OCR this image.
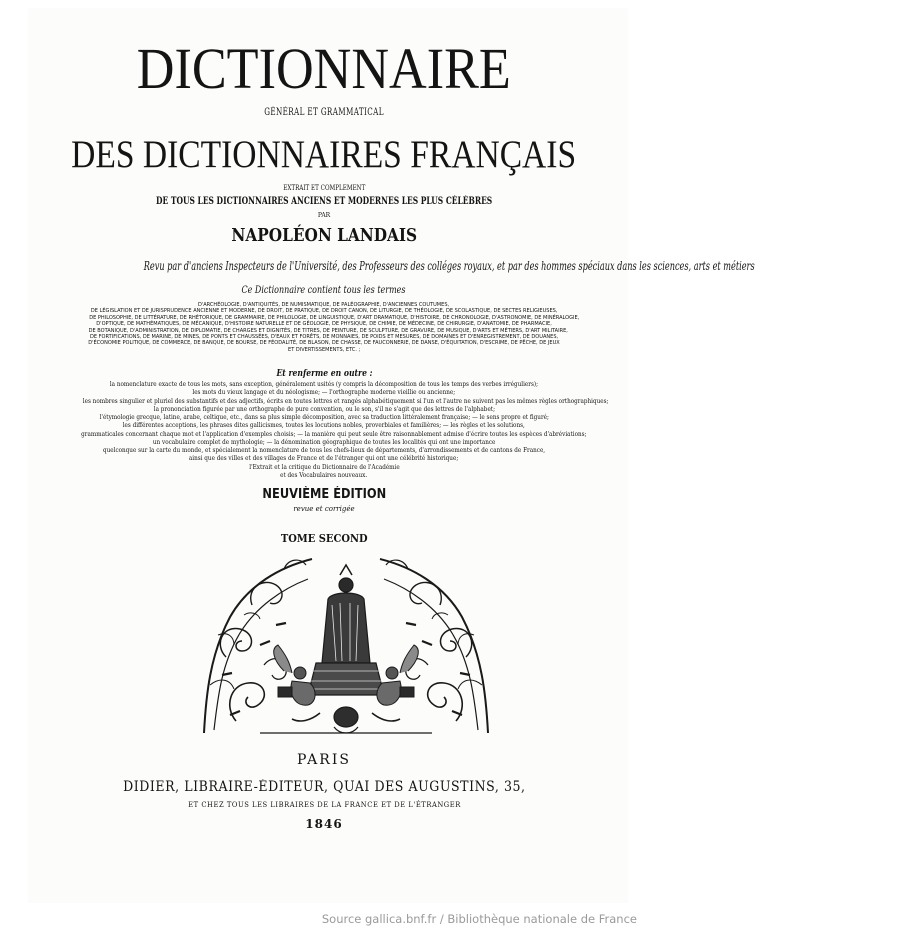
DICTIONNAIRE
GÉNÉRAL ET GRAMMATICAL
DES DICTIONNAIRES FRANÇAIS
EXTRAIT ET COMPLEMENT
DE TOUS LES DICTIONNAIRES ANCIENS ET MODERNES LES PLUS CÉLÈBRES
PAR
NAPOLÉON LANDAIS
Revu par d'anciens Inspecteurs de l'Université, des Professeurs des colléges royaux, et par des hommes spéciaux dans les sciences, arts et métiers
Ce Dictionnaire contient tous les termes
D'ARCHÉOLOGIE, D'ANTIQUITÉS, DE NUMISMATIQUE, DE PALÉOGRAPHIE, D'ANCIENNES COUTUMES,
DE LÉGISLATION ET DE JURISPRUDENCE ANCIENNE ET MODERNE, DE DROIT, DE PRATIQUE, DE DROIT CANON, DE LITURGIE, DE THÉOLOGIE, DE SCOLASTIQUE, DE SECTES RELIGIEUSES,
DE PHILOSOPHIE, DE LITTÉRATURE, DE RHÉTORIQUE, DE GRAMMAIRE, DE PHILOLOGIE, DE LINGUISTIQUE, D'ART DRAMATIQUE, D'HISTOIRE, DE CHRONOLOGIE, D'ASTRONOMIE, DE MINÉRALOGIE,
D'OPTIQUE, DE MATHÉMATIQUES, DE MÉCANIQUE, D'HISTOIRE NATURELLE ET DE GÉOLOGIE, DE PHYSIQUE, DE CHIMIE, DE MÉDECINE, DE CHIRURGIE, D'ANATOMIE, DE PHARMACIE,
DE BOTANIQUE, D'ADMINISTRATION, DE DIPLOMATIE, DE CHARGES ET DIGNITÉS, DE TITRES, DE PEINTURE, DE SCULPTURE, DE GRAVURE, DE MUSIQUE, D'ARTS ET MÉTIERS, D'ART MILITAIRE,
DE FORTIFICATIONS, DE MARINE, DE MINES, DE PONTS ET CHAUSSÉES, D'EAUX ET FORÊTS, DE MONNAIES, DE POIDS ET MESURES, DE DOMAINES ET D'ENREGISTREMENT, DE DOUANES,
D'ÉCONOMIE POLITIQUE, DE COMMERCE, DE BANQUE, DE BOURSE, DE FÉODALITÉ, DE BLASON, DE CHASSE, DE FAUCONNERIE, DE DANSE, D'ÉQUITATION, D'ESCRIME, DE PÊCHE, DE JEUX
ET DIVERTISSEMENTS, ETC. ;
Et renferme en outre :
la nomenclature exacte de tous les mots, sans exception, généralement usités (y compris la décomposition de tous les temps des verbes irréguliers);
les mots du vieux langage et du néologisme; — l'orthographe moderne vieillie ou ancienne;
les nombres singulier et pluriel des substantifs et des adjectifs, écrits en toutes lettres et rangés alphabétiquement si l'un et l'autre ne suivent pas les mêmes règles orthographiques;
la prononciation figurée par une orthographe de pure convention, ou le son, s'il ne s'agit que des lettres de l'alphabet;
l'étymologie grecque, latine, arabe, celtique, etc., dans sa plus simple décomposition, avec sa traduction littéralement française; — le sens propre et figuré;
les différentes acceptions, les phrases dites gallicismes, toutes les locutions nobles, proverbiales et familières; — les règles et les solutions,
grammaticales concernant chaque mot et l'application d'exemples choisis; — la manière qui peut seule être raisonnablement admise d'écrire toutes les espèces d'abréviations;
un vocabulaire complet de mythologie; — la dénomination géographique de toutes les localités qui ont une importance
quelconque sur la carte du monde, et spécialement la nomenclature de tous les chefs-lieux de départements, d'arrondissements et de cantons de France,
ainsi que des villes et des villages de France et de l'étranger qui ont une célébrité historique;
l'Extrait et la critique du Dictionnaire de l'Académie
et des Vocabulaires nouveaux.
NEUVIÈME ÉDITION
revue et corrigée
TOME SECOND
PARIS
DIDIER, LIBRAIRE-ÉDITEUR, QUAI DES AUGUSTINS, 35,
ET CHEZ TOUS LES LIBRAIRES DE LA FRANCE ET DE L'ÉTRANGER
1846
Source gallica.bnf.fr / Bibliothèque nationale de France
